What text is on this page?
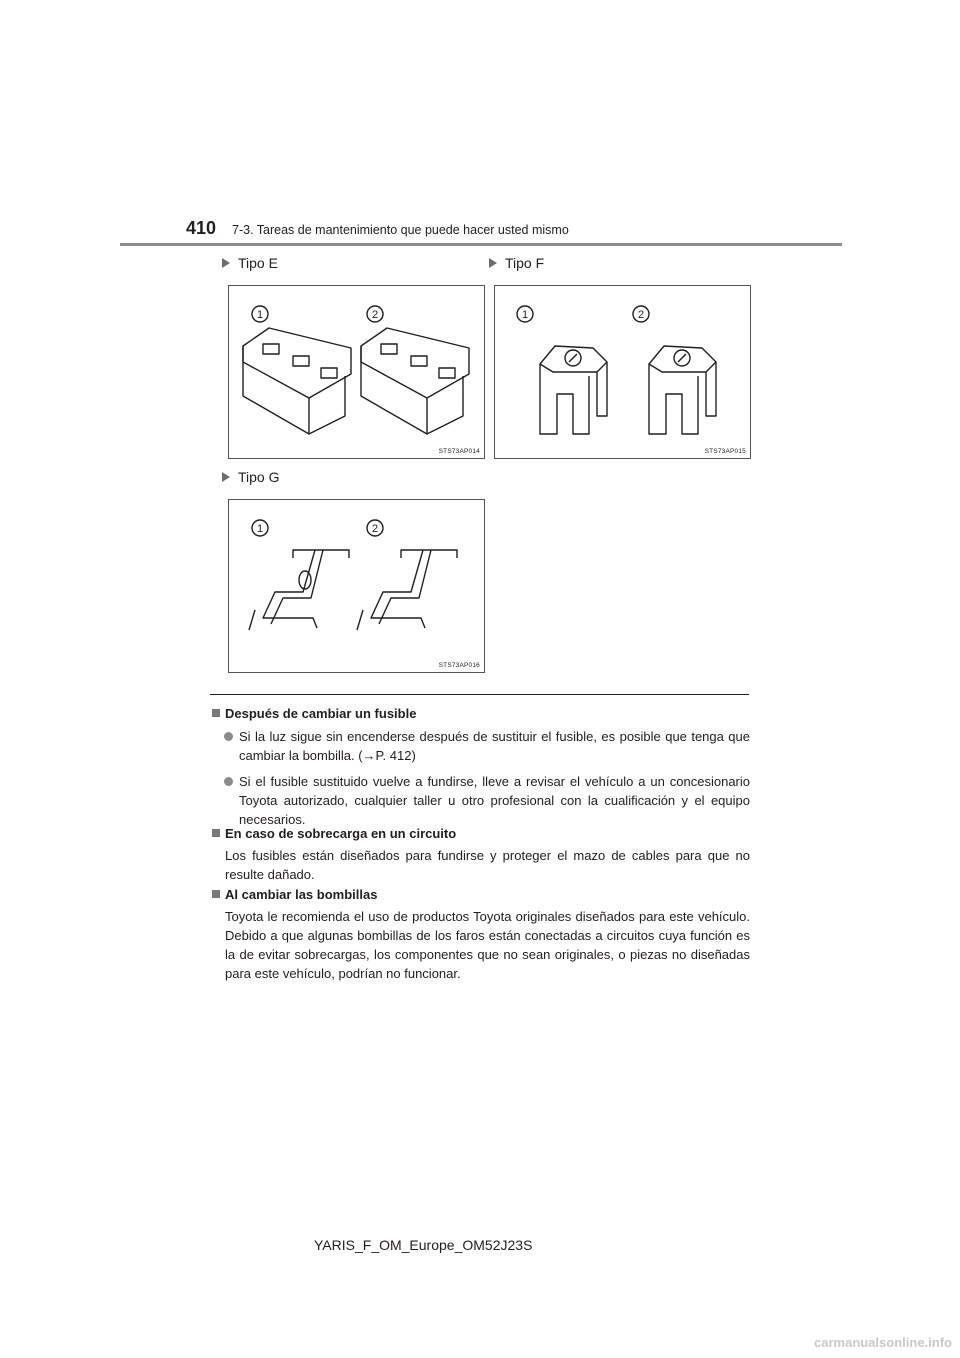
410 7-3. Tareas de mantenimiento que puede hacer usted mismo
Tipo E
1	2
STS73AP014
Tipo F
1	2
STS73AP015
Tipo G
1	2
STS73AP016
Después de cambiar un fusible
Si la luz sigue sin encenderse después de sustituir el fusible, es posible que tenga que cambiar la bombilla. (→P. 412)
Si el fusible sustituido vuelve a fundirse, lleve a revisar el vehículo a un concesionario Toyota autorizado, cualquier taller u otro profesional con la cualificación y el equipo necesarios.
En caso de sobrecarga en un circuito
Los fusibles están diseñados para fundirse y proteger el mazo de cables para que no resulte dañado.
Al cambiar las bombillas
Toyota le recomienda el uso de productos Toyota originales diseñados para este vehículo. Debido a que algunas bombillas de los faros están conectadas a circuitos cuya función es la de evitar sobrecargas, los componentes que no sean originales, o piezas no diseñadas para este vehículo, podrían no funcionar.
YARIS_F_OM_Europe_OM52J23S
carmanualsonline.info
